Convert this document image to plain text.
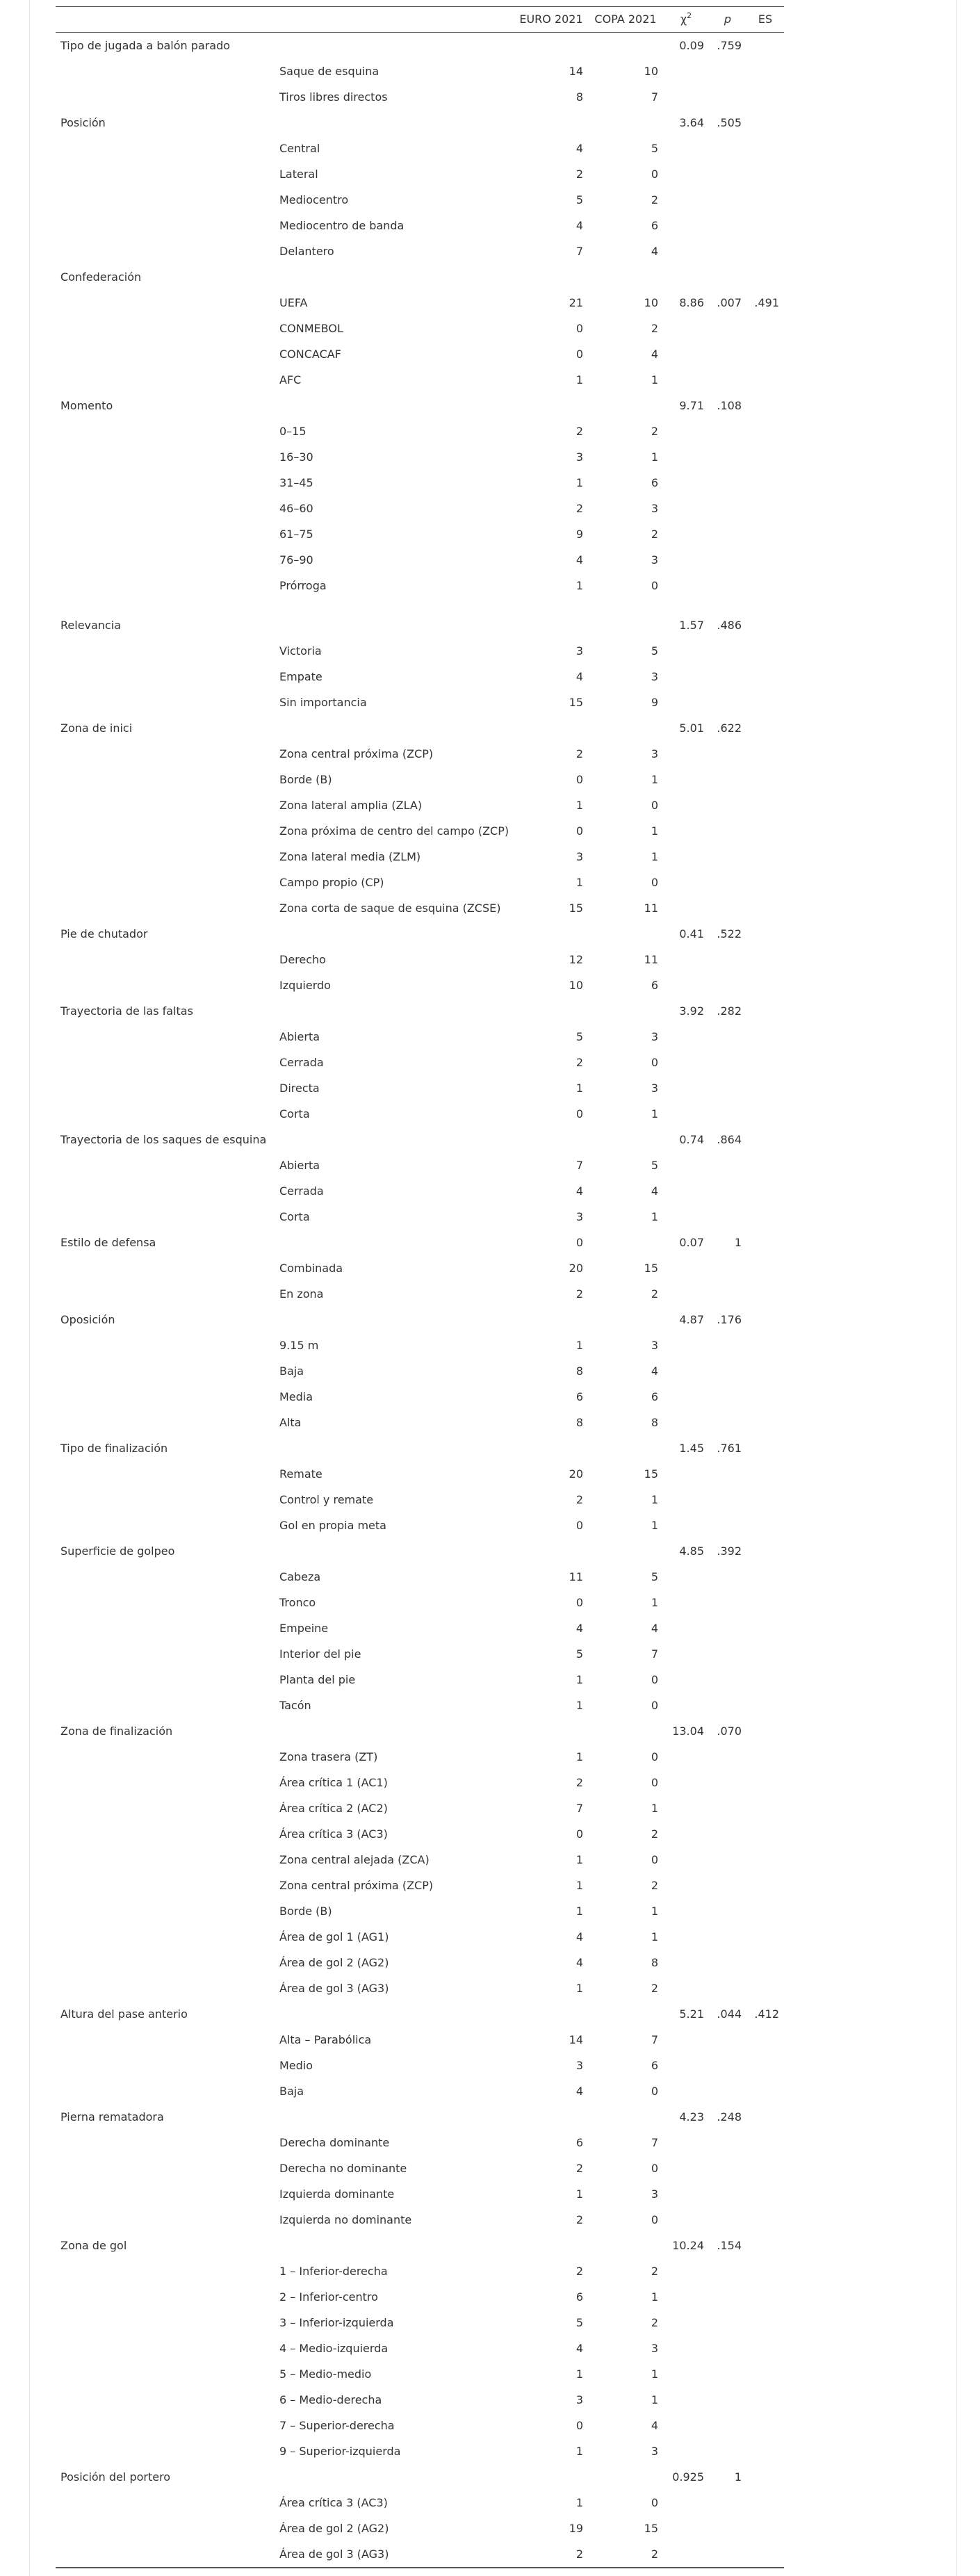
		EURO 2021	COPA 2021	$\chi^2$	p	ES
Tipo de jugada a balón parado				0.09	.759	
	Saque de esquina	14	10			
	Tiros libres directos	8	7			
Posición				3.64	.505	
	Central	4	5			
	Lateral	2	0			
	Mediocentro	5	2			
	Mediocentro de banda	4	6			
	Delantero	7	4			
Confederación						
	UEFA	21	10	8.86	.007	.491
	CONMEBOL	0	2			
	CONCACAF	0	4			
	AFC	1	1			
Momento				9.71	.108	
	0–15	2	2			
	16–30	3	1			
	31–45	1	6			
	46–60	2	3			
	61–75	9	2			
	76–90	4	3			
	Prórroga	1	0			
Relevancia				1.57	.486	
	Victoria	3	5			
	Empate	4	3			
	Sin importancia	15	9			
Zona de inici				5.01	.622	
	Zona central próxima (ZCP)	2	3			
	Borde (B)	0	1			
	Zona lateral amplia (ZLA)	1	0			
	Zona próxima de centro del campo (ZCP)	0	1			
	Zona lateral media (ZLM)	3	1			
	Campo propio (CP)	1	0			
	Zona corta de saque de esquina (ZCSE)	15	11			
Pie de chutador				0.41	.522	
	Derecho	12	11			
	Izquierdo	10	6			
Trayectoria de las faltas				3.92	.282	
	Abierta	5	3			
	Cerrada	2	0			
	Directa	1	3			
	Corta	0	1			
Trayectoria de los saques de esquina				0.74	.864	
	Abierta	7	5			
	Cerrada	4	4			
	Corta	3	1			
Estilo de defensa		0		0.07	1	
	Combinada	20	15			
	En zona	2	2			
Oposición				4.87	.176	
	9.15 m	1	3			
	Baja	8	4			
	Media	6	6			
	Alta	8	8			
Tipo de finalización				1.45	.761	
	Remate	20	15			
	Control y remate	2	1			
	Gol en propia meta	0	1			
Superficie de golpeo				4.85	.392	
	Cabeza	11	5			
	Tronco	0	1			
	Empeine	4	4			
	Interior del pie	5	7			
	Planta del pie	1	0			
	Tacón	1	0			
Zona de finalización				13.04	.070	
	Zona trasera (ZT)	1	0			
	Área crítica 1 (AC1)	2	0			
	Área crítica 2 (AC2)	7	1			
	Área crítica 3 (AC3)	0	2			
	Zona central alejada (ZCA)	1	0			
	Zona central próxima (ZCP)	1	2			
	Borde (B)	1	1			
	Área de gol 1 (AG1)	4	1			
	Área de gol 2 (AG2)	4	8			
	Área de gol 3 (AG3)	1	2			
Altura del pase anterio				5.21	.044	.412
	Alta – Parabólica	14	7			
	Medio	3	6			
	Baja	4	0			
Pierna rematadora				4.23	.248	
	Derecha dominante	6	7			
	Derecha no dominante	2	0			
	Izquierda dominante	1	3			
	Izquierda no dominante	2	0			
Zona de gol				10.24	.154	
	1 – Inferior-derecha	2	2			
	2 – Inferior-centro	6	1			
	3 – Inferior-izquierda	5	2			
	4 – Medio-izquierda	4	3			
	5 – Medio-medio	1	1			
	6 – Medio-derecha	3	1			
	7 – Superior-derecha	0	4			
	9 – Superior-izquierda	1	3			
Posición del portero				0.925	1	
	Área crítica 3 (AC3)	1	0			
	Área de gol 2 (AG2)	19	15			
	Área de gol 3 (AG3)	2	2			
